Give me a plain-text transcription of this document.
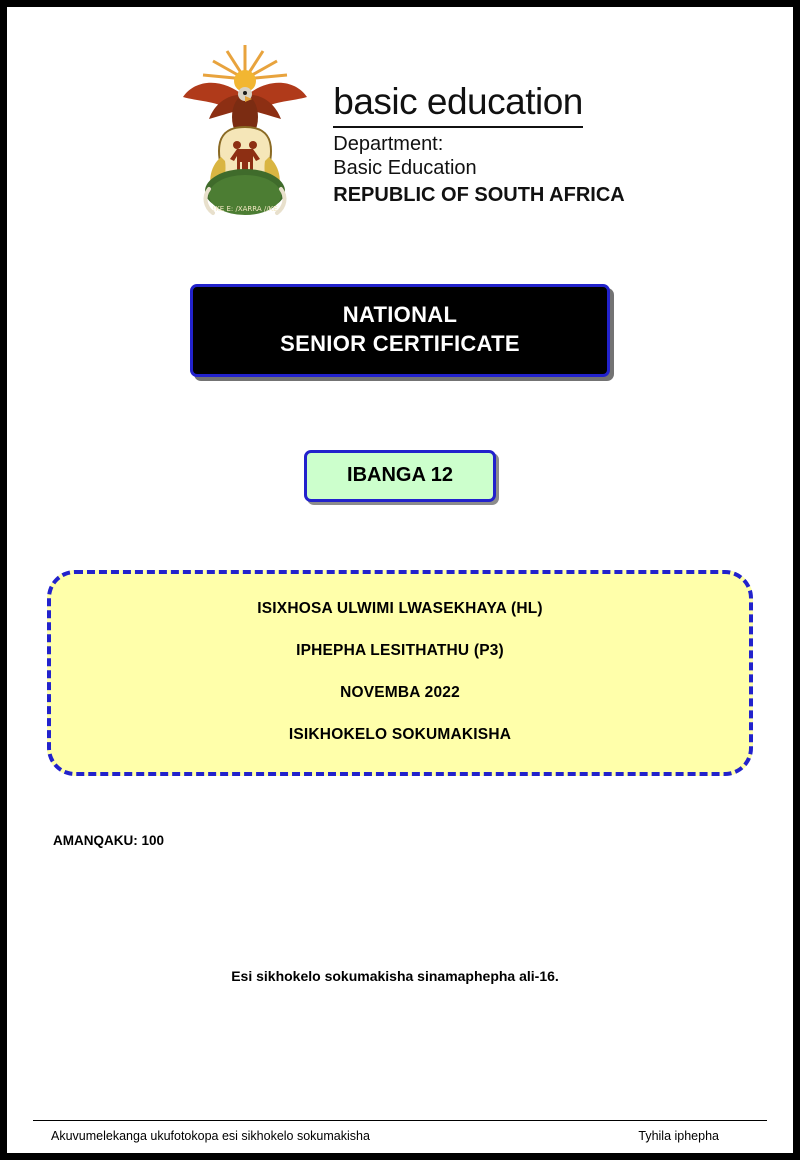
!KE E: /XARRA //KE
basic education
Department:
Basic Education
REPUBLIC OF SOUTH AFRICA
NATIONAL
SENIOR CERTIFICATE
IBANGA 12
ISIXHOSA ULWIMI LWASEKHAYA (HL)
IPHEPHA LESITHATHU (P3)
NOVEMBA 2022
ISIKHOKELO SOKUMAKISHA
AMANQAKU: 100
Esi sikhokelo sokumakisha sinamaphepha ali-16.
Akuvumelekanga ukufotokopa esi sikhokelo sokumakisha	Tyhila iphepha
